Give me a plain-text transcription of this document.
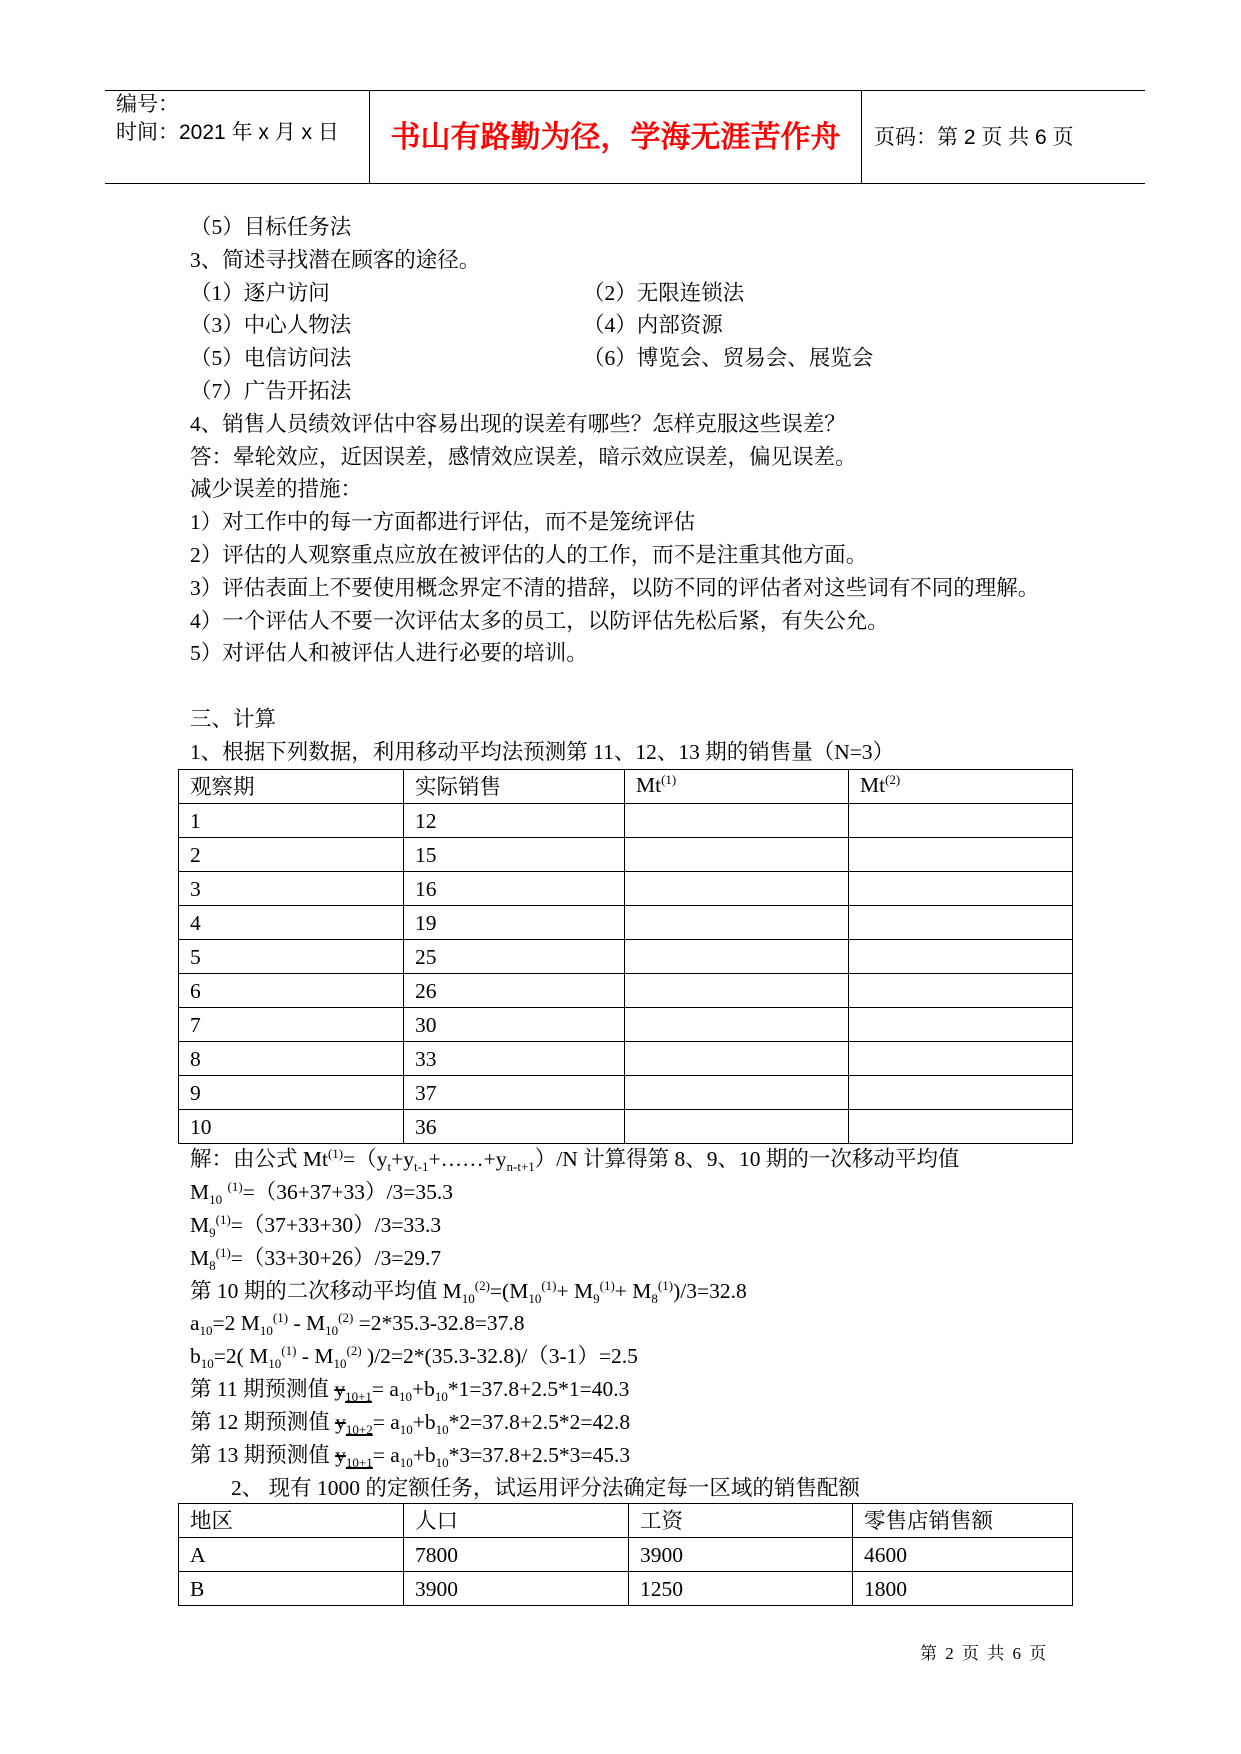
编号：
时间：2021 年 x 月 x 日	书山有路勤为径，学海无涯苦作舟	页码：第 2 页 共 6 页
（5）目标任务法
3、简述寻找潜在顾客的途径。
（1）逐户访问	（2）无限连锁法
（3）中心人物法	（4）内部资源
（5）电信访问法	（6）博览会、贸易会、展览会
（7）广告开拓法
4、销售人员绩效评估中容易出现的误差有哪些？怎样克服这些误差？
答：晕轮效应，近因误差，感情效应误差，暗示效应误差，偏见误差。
减少误差的措施：
1）对工作中的每一方面都进行评估，而不是笼统评估
2）评估的人观察重点应放在被评估的人的工作，而不是注重其他方面。
3）评估表面上不要使用概念界定不清的措辞，以防不同的评估者对这些词有不同的理解。
4）一个评估人不要一次评估太多的员工，以防评估先松后紧，有失公允。
5）对评估人和被评估人进行必要的培训。
三、计算
1、根据下列数据，利用移动平均法预测第 11、12、13 期的销售量（N=3）
观察期	实际销售	Mt$^{(1)}$	Mt$^{(2)}$
1	12		
2	15		
3	16		
4	19		
5	25		
6	26		
7	30		
8	33		
9	37		
10	36		
解：由公式 $Mt^{(1)}=(y_t+y_{t-1}+\dots\dots+y_{n-t+1})/N$ 计算得第 8、9、10 期的一次移动平均值
$M_{10}$ $^{(1)}$=（36+37+33）/3=35.3
$M_9^{(1)}=(37+33+30)/3=33.3$
$M_8^{(1)}=(33+30+26)/3=29.7$
第 10 期的二次移动平均值 $M_{10}^{(2)}=(M_{10}^{(1)}+ M_9^{(1)}+ M_8^{(1)})/3=32.8$
$a_{10}=2$ $M_{10}^{(1)} - M_{10}^{(2)} =2*35.3-32.8=37.8$
$b_{10}=2$( $M_{10}^{(1)} - M_{10}^{(2)}$ )/2=2*(35.3-32.8)/（3-1）=2.5
第 11 期预测值 $y_{10+1}= a_{10}+b_{10}*1=37.8+2.5*1=40.3$
第 12 期预测值 $y_{10+2}= a_{10}+b_{10}*2=37.8+2.5*2=42.8$
第 13 期预测值 $y_{10+1}= a_{10}+b_{10}*3=37.8+2.5*3=45.3$
2、 现有 1000 的定额任务，试运用评分法确定每一区域的销售配额
地区	人口	工资	零售店销售额
A	7800	3900	4600
B	3900	1250	1800
第 2 页 共 6 页
